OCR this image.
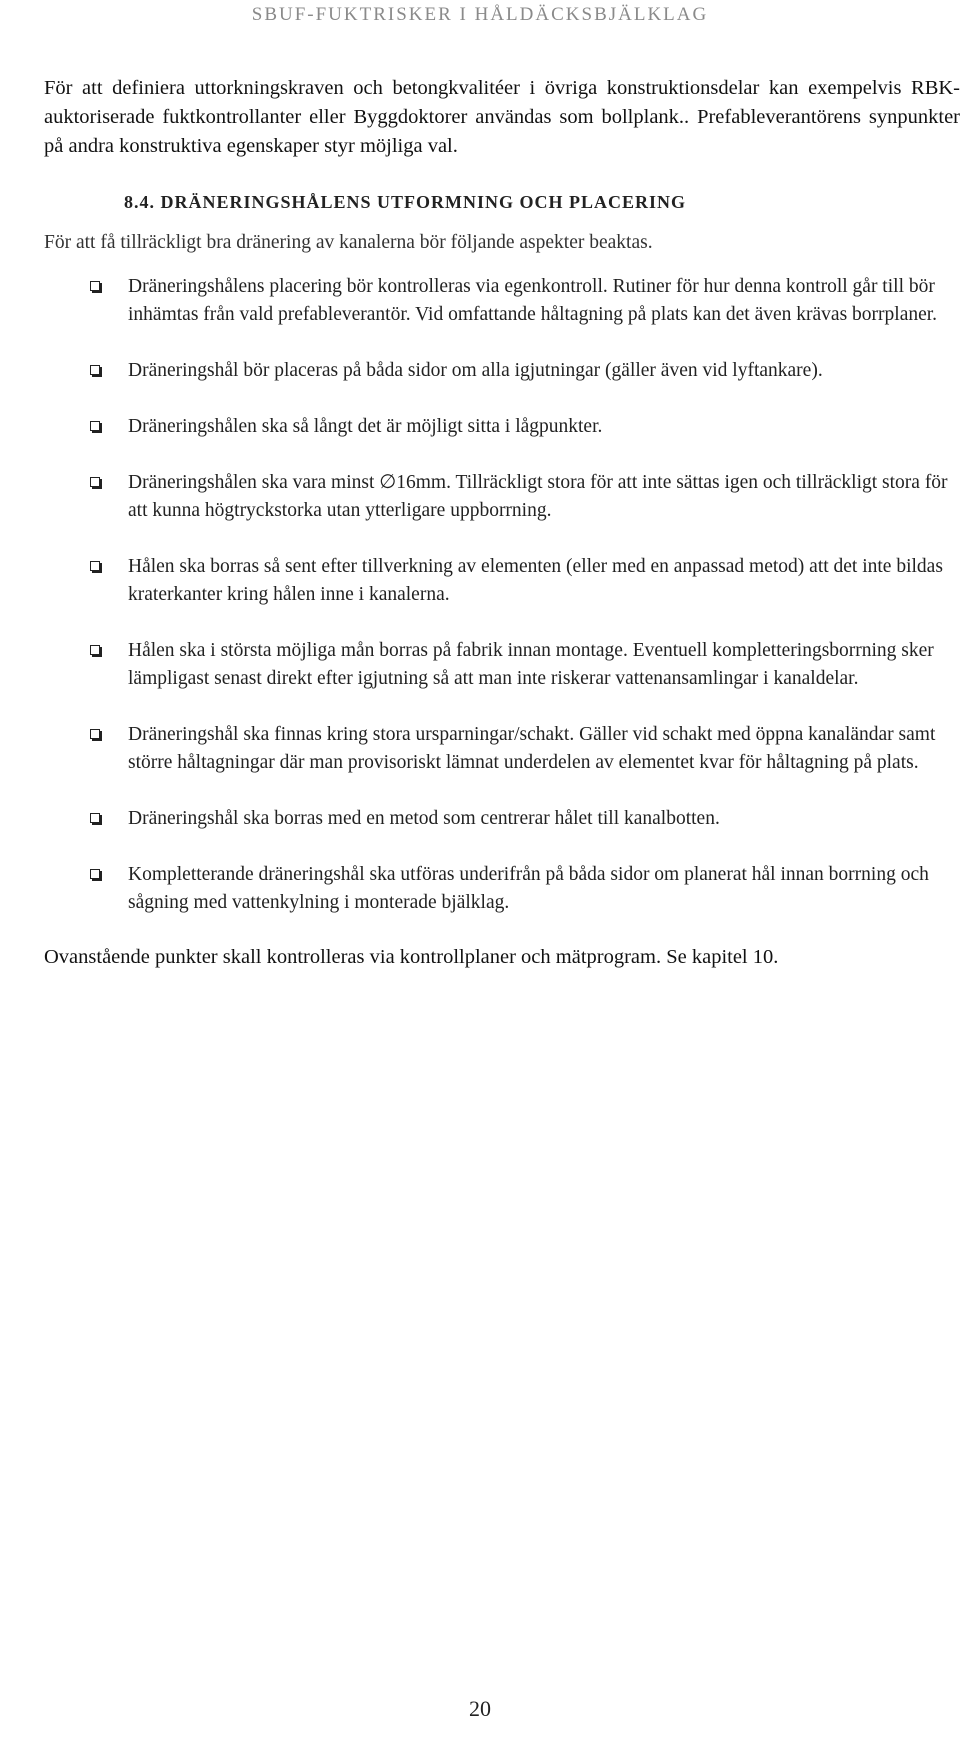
SBUF-FUKTRISKER I HÅLDÄCKSBJÄLKLAG

För att definiera uttorkningskraven och betongkvalitéer i övriga konstruktionsdelar kan exempelvis RBK-auktoriserade fuktkontrollanter eller Byggdoktorer användas som bollplank.. Prefableverantörens synpunkter på andra konstruktiva egenskaper styr möjliga val.

8.4. DRÄNERINGSHÅLENS UTFORMNING OCH PLACERING

För att få tillräckligt bra dränering av kanalerna bör följande aspekter beaktas.

Dräneringshålens placering bör kontrolleras via egenkontroll. Rutiner för hur denna kontroll går till bör inhämtas från vald prefableverantör. Vid omfattande håltagning på plats kan det även krävas borrplaner.
Dräneringshål bör placeras på båda sidor om alla igjutningar (gäller även vid lyftankare).
Dräneringshålen ska så långt det är möjligt sitta i lågpunkter.
Dräneringshålen ska vara minst ∅16mm. Tillräckligt stora för att inte sättas igen och tillräckligt stora för att kunna högtryckstorka utan ytterligare uppborrning.
Hålen ska borras så sent efter tillverkning av elementen (eller med en anpassad metod) att det inte bildas kraterkanter kring hålen inne i kanalerna.
Hålen ska i största möjliga mån borras på fabrik innan montage. Eventuell kompletteringsborrning sker lämpligast senast direkt efter igjutning så att man inte riskerar vattenansamlingar i kanaldelar.
Dräneringshål ska finnas kring stora ursparningar/schakt. Gäller vid schakt med öppna kanaländar samt större håltagningar där man provisoriskt lämnat underdelen av elementet kvar för håltagning på plats.
Dräneringshål ska borras med en metod som centrerar hålet till kanalbotten.
Kompletterande dräneringshål ska utföras underifrån på båda sidor om planerat hål innan borrning och sågning med vattenkylning i monterade bjälklag.

Ovanstående punkter skall kontrolleras via kontrollplaner och mätprogram. Se kapitel 10.

20
